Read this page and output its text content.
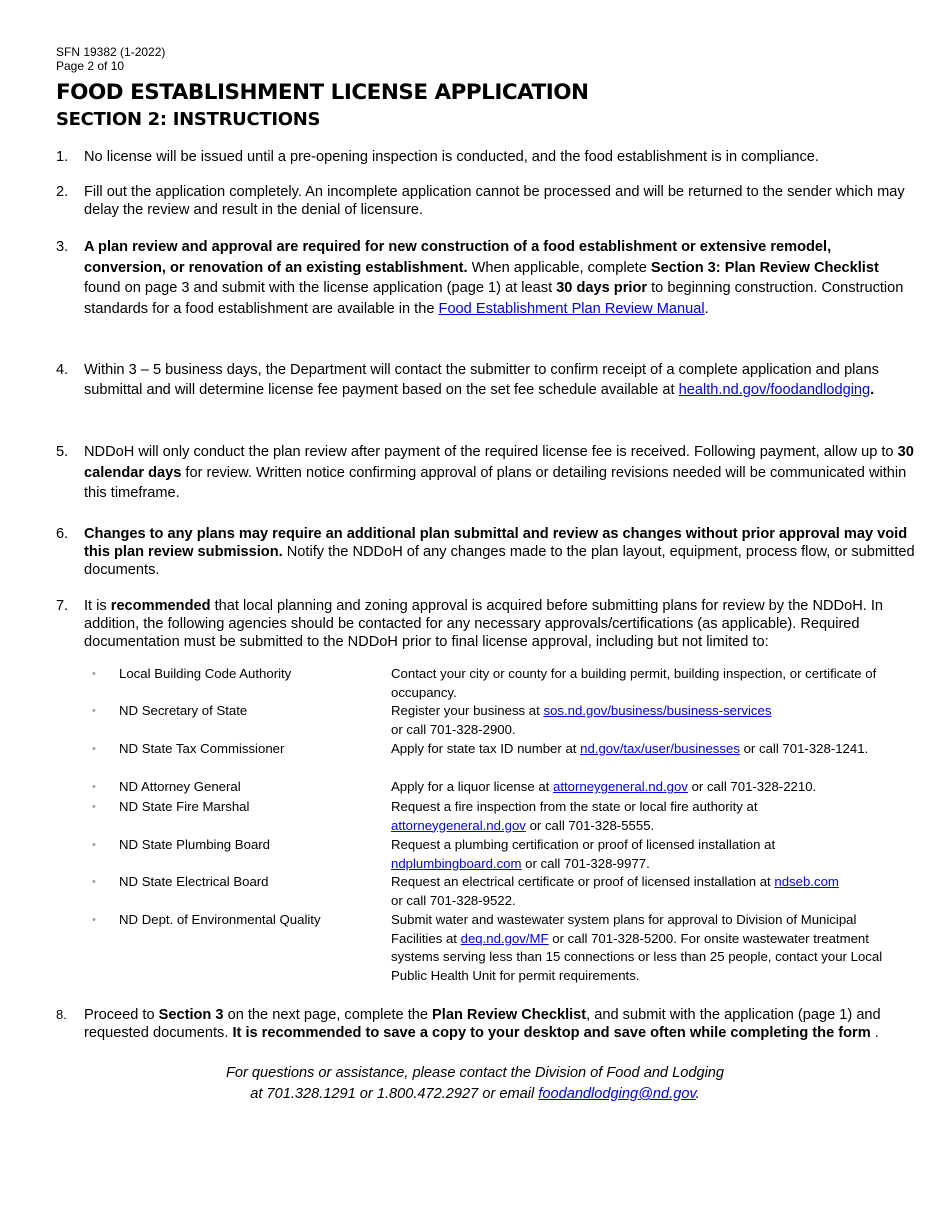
SFN 19382 (1-2022)
Page 2 of 10
FOOD ESTABLISHMENT LICENSE APPLICATION
SECTION 2: INSTRUCTIONS
1. No license will be issued until a pre-opening inspection is conducted, and the food establishment is in compliance.
2. Fill out the application completely. An incomplete application cannot be processed and will be returned to the sender which may delay the review and result in the denial of licensure.
3. A plan review and approval are required for new construction of a food establishment or extensive remodel, conversion, or renovation of an existing establishment. When applicable, complete Section 3: Plan Review Checklist found on page 3 and submit with the license application (page 1) at least 30 days prior to beginning construction. Construction standards for a food establishment are available in the Food Establishment Plan Review Manual.
4. Within 3 – 5 business days, the Department will contact the submitter to confirm receipt of a complete application and plans submittal and will determine license fee payment based on the set fee schedule available at health.nd.gov/foodandlodging.
5. NDDoH will only conduct the plan review after payment of the required license fee is received. Following payment, allow up to 30 calendar days for review. Written notice confirming approval of plans or detailing revisions needed will be communicated within this timeframe.
6. Changes to any plans may require an additional plan submittal and review as changes without prior approval may void this plan review submission. Notify the NDDoH of any changes made to the plan layout, equipment, process flow, or submitted documents.
7. It is recommended that local planning and zoning approval is acquired before submitting plans for review by the NDDoH. In addition, the following agencies should be contacted for any necessary approvals/certifications (as applicable). Required documentation must be submitted to the NDDoH prior to final license approval, including but not limited to:
• Local Building Code Authority	Contact your city or county for a building permit, building inspection, or certificate of occupancy.
• ND Secretary of State	Register your business at sos.nd.gov/business/business-services
or call 701-328-2900.
• ND State Tax Commissioner	Apply for state tax ID number at nd.gov/tax/user/businesses or call 701-328-1241.
• ND Attorney General	Apply for a liquor license at attorneygeneral.nd.gov or call 701-328-2210.
• ND State Fire Marshal	Request a fire inspection from the state or local fire authority at
attorneygeneral.nd.gov or call 701-328-5555.
• ND State Plumbing Board	Request a plumbing certification or proof of licensed installation at
ndplumbingboard.com or call 701-328-9977.
• ND State Electrical Board	Request an electrical certificate or proof of licensed installation at ndseb.com
or call 701-328-9522.
• ND Dept. of Environmental Quality	Submit water and wastewater system plans for approval to Division of Municipal Facilities at deq.nd.gov/MF or call 701-328-5200. For onsite wastewater treatment systems serving less than 15 connections or less than 25 people, contact your Local Public Health Unit for permit requirements.
8. Proceed to Section 3 on the next page, complete the Plan Review Checklist, and submit with the application (page 1) and requested documents. It is recommended to save a copy to your desktop and save often while completing the form .
For questions or assistance, please contact the Division of Food and Lodging
at 701.328.1291 or 1.800.472.2927 or email foodandlodging@nd.gov.
